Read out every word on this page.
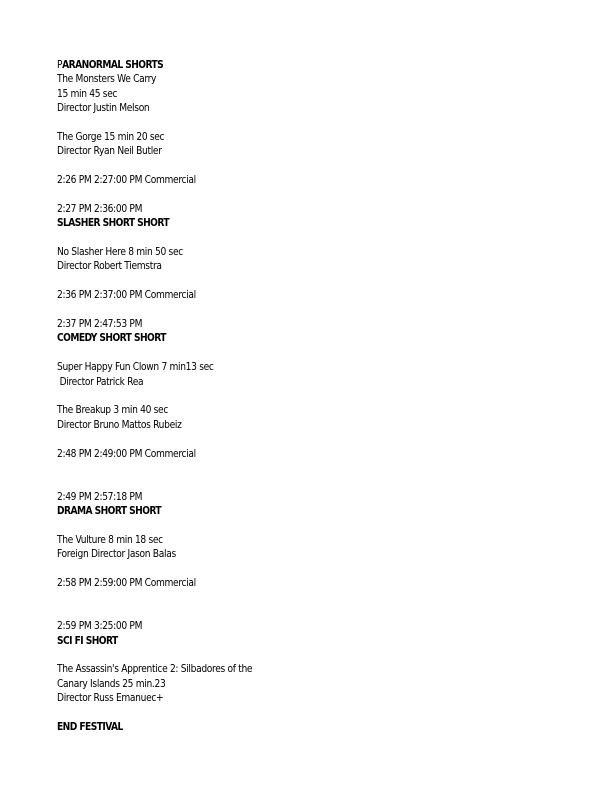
PARANORMAL SHORTS
The Monsters We Carry
15 min 45 sec
Director Justin Melson
The Gorge 15 min 20 sec
Director Ryan Neil Butler
2:26 PM 2:27:00 PM Commercial
2:27 PM 2:36:00 PM
SLASHER SHORT SHORT
No Slasher Here 8 min 50 sec
Director Robert Tiemstra
2:36 PM 2:37:00 PM Commercial
2:37 PM 2:47:53 PM
COMEDY SHORT SHORT
Super Happy Fun Clown 7 min13 sec
Director Patrick Rea
The Breakup 3 min 40 sec
Director Bruno Mattos Rubeiz
2:48 PM 2:49:00 PM Commercial
2:49 PM 2:57:18 PM
DRAMA SHORT SHORT
The Vulture 8 min 18 sec
Foreign Director Jason Balas
2:58 PM 2:59:00 PM Commercial
2:59 PM 3:25:00 PM
SCI FI SHORT
The Assassin's Apprentice 2: Silbadores of the
Canary Islands 25 min.23
Director Russ Emanuec+
END FESTIVAL
